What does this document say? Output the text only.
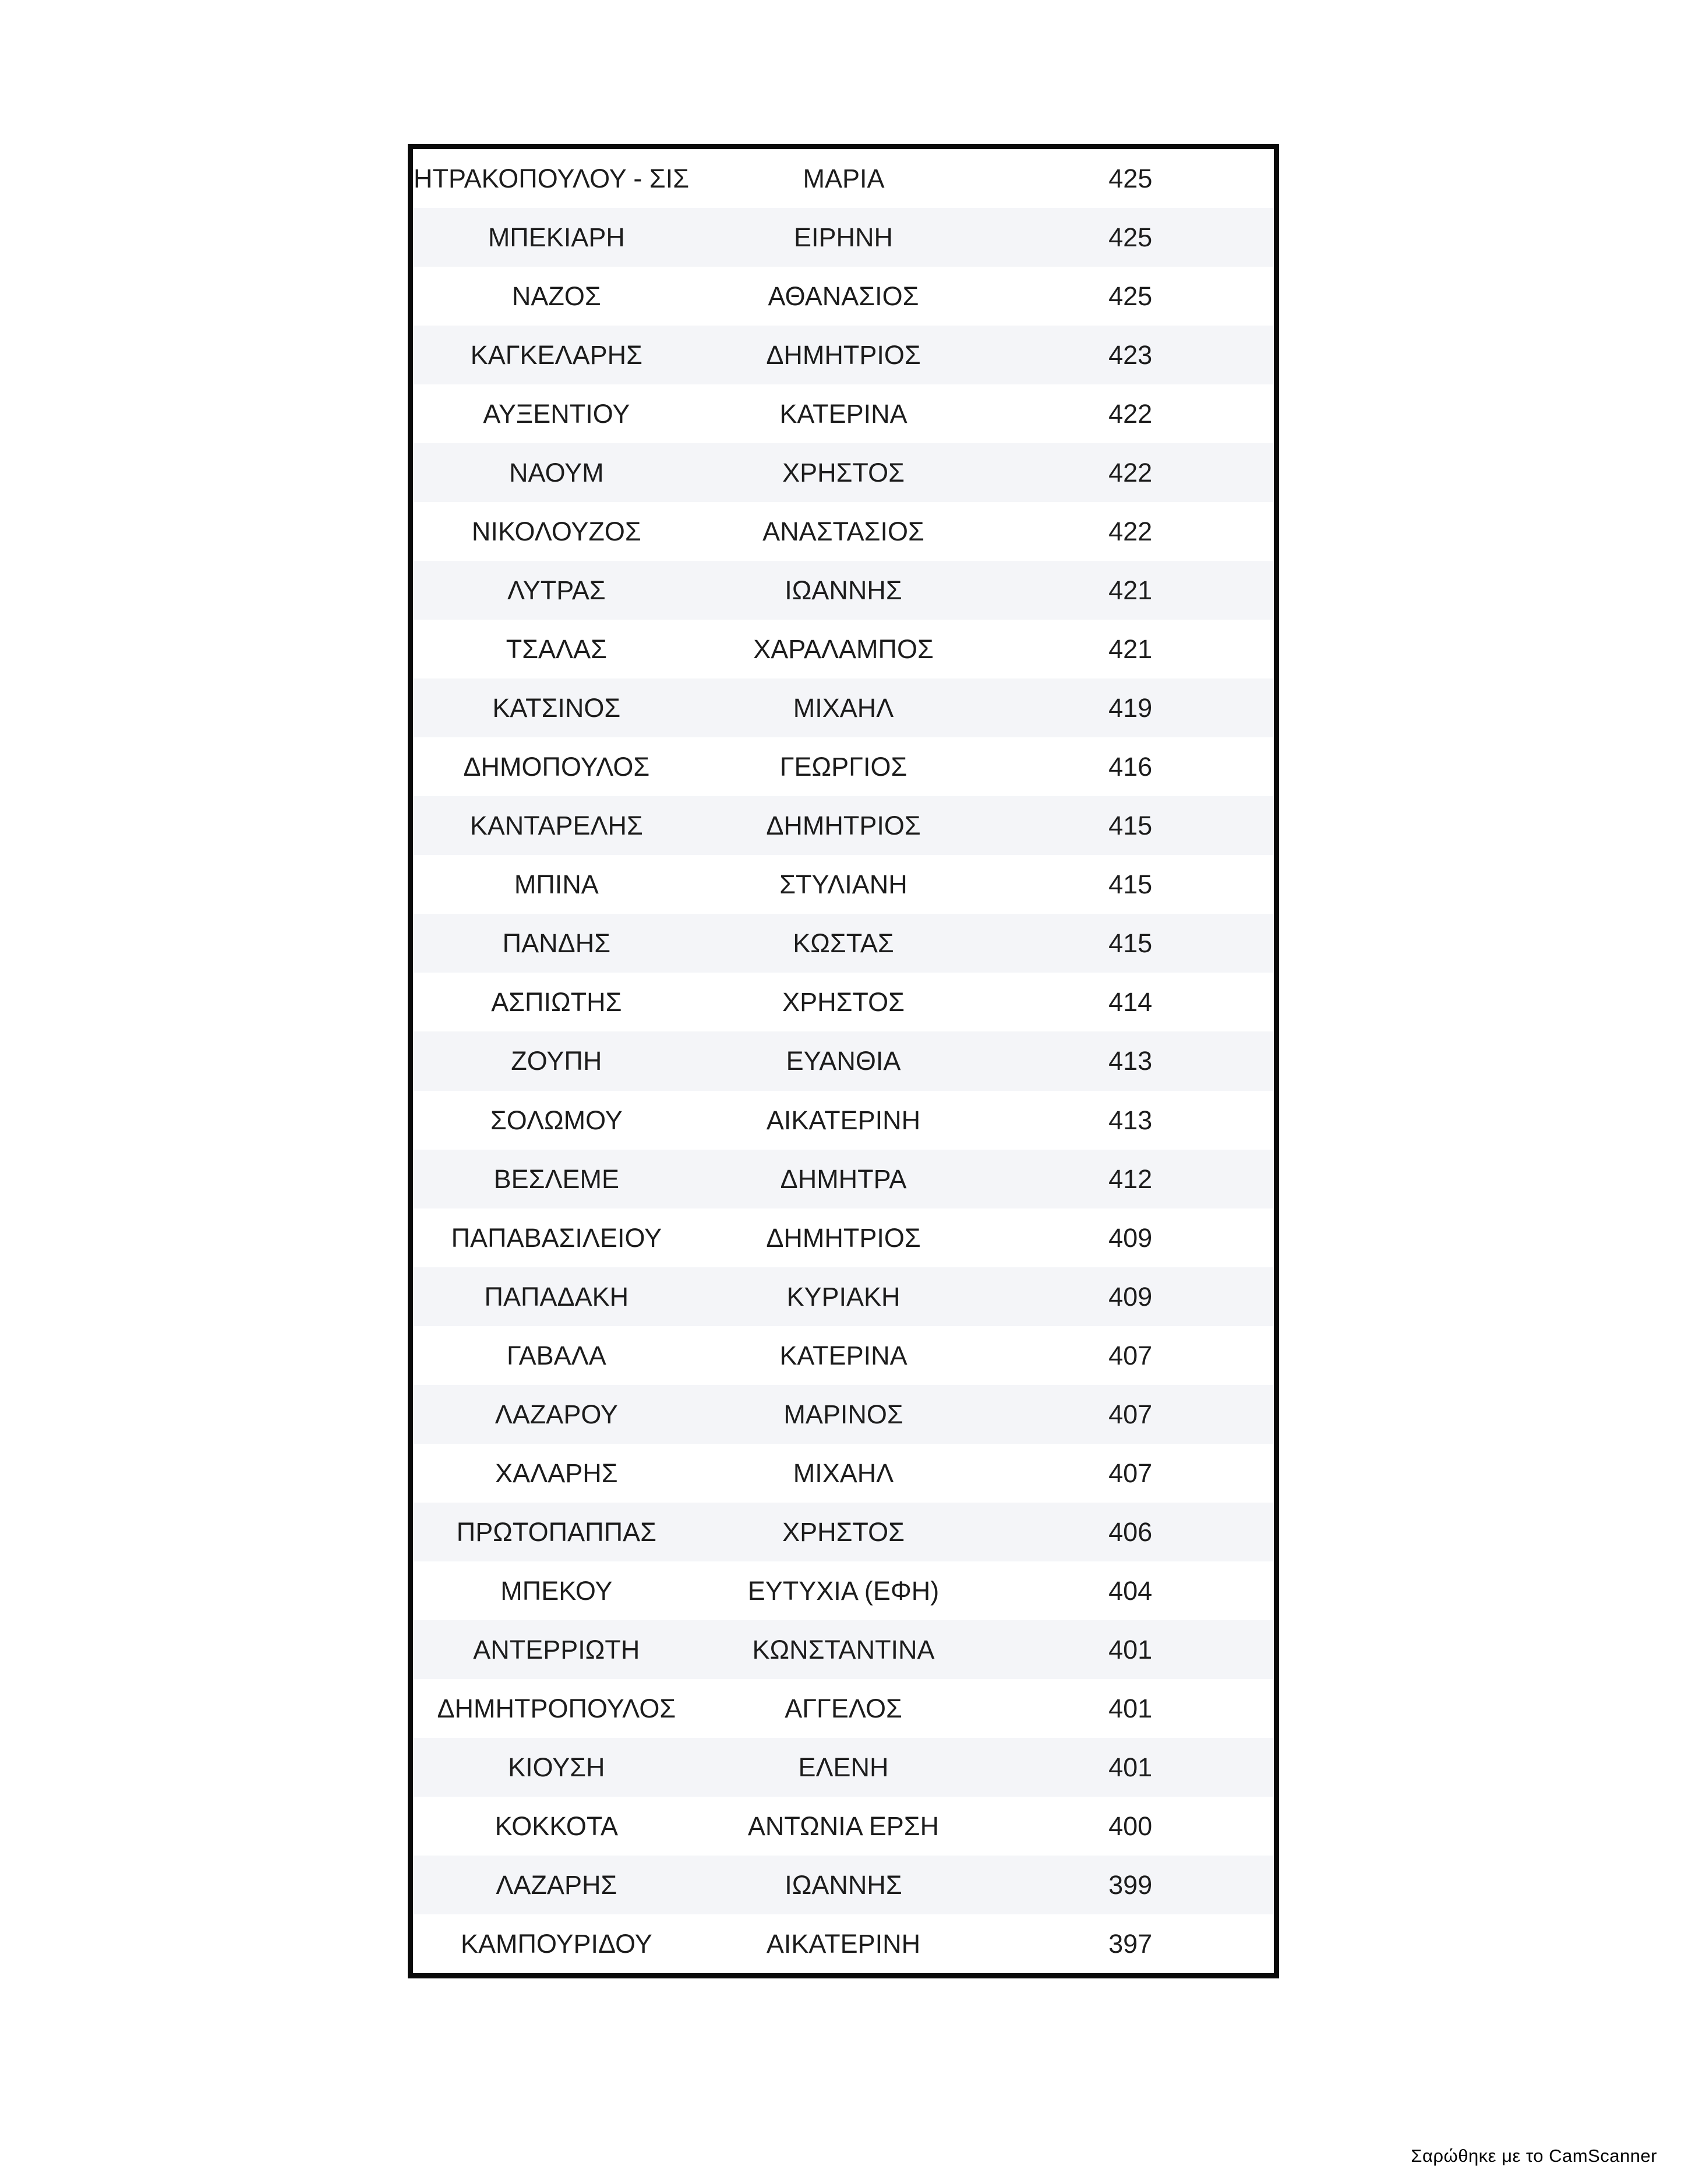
ΗΤΡΑΚΟΠΟΥΛΟΥ - ΣΙΣ	ΜΑΡΙΑ	425
ΜΠΕΚΙΑΡΗ	ΕΙΡΗΝΗ	425
ΝΑΖΟΣ	ΑΘΑΝΑΣΙΟΣ	425
ΚΑΓΚΕΛΑΡΗΣ	ΔΗΜΗΤΡΙΟΣ	423
ΑΥΞΕΝΤΙΟΥ	ΚΑΤΕΡΙΝΑ	422
ΝΑΟΥΜ	ΧΡΗΣΤΟΣ	422
ΝΙΚΟΛΟΥΖΟΣ	ΑΝΑΣΤΑΣΙΟΣ	422
ΛΥΤΡΑΣ	ΙΩΑΝΝΗΣ	421
ΤΣΑΛΑΣ	ΧΑΡΑΛΑΜΠΟΣ	421
ΚΑΤΣΙΝΟΣ	ΜΙΧΑΗΛ	419
ΔΗΜΟΠΟΥΛΟΣ	ΓΕΩΡΓΙΟΣ	416
ΚΑΝΤΑΡΕΛΗΣ	ΔΗΜΗΤΡΙΟΣ	415
ΜΠΙΝΑ	ΣΤΥΛΙΑΝΗ	415
ΠΑΝΔΗΣ	ΚΩΣΤΑΣ	415
ΑΣΠΙΩΤΗΣ	ΧΡΗΣΤΟΣ	414
ΖΟΥΠΗ	ΕΥΑΝΘΙΑ	413
ΣΟΛΩΜΟΥ	ΑΙΚΑΤΕΡΙΝΗ	413
ΒΕΣΛΕΜΕ	ΔΗΜΗΤΡΑ	412
ΠΑΠΑΒΑΣΙΛΕΙΟΥ	ΔΗΜΗΤΡΙΟΣ	409
ΠΑΠΑΔΑΚΗ	ΚΥΡΙΑΚΗ	409
ΓΑΒΑΛΑ	ΚΑΤΕΡΙΝΑ	407
ΛΑΖΑΡΟΥ	ΜΑΡΙΝΟΣ	407
ΧΑΛΑΡΗΣ	ΜΙΧΑΗΛ	407
ΠΡΩΤΟΠΑΠΠΑΣ	ΧΡΗΣΤΟΣ	406
ΜΠΕΚΟΥ	ΕΥΤΥΧΙΑ (ΕΦΗ)	404
ΑΝΤΕΡΡΙΩΤΗ	ΚΩΝΣΤΑΝΤΙΝΑ	401
ΔΗΜΗΤΡΟΠΟΥΛΟΣ	ΑΓΓΕΛΟΣ	401
ΚΙΟΥΣΗ	ΕΛΕΝΗ	401
ΚΟΚΚΟΤΑ	ΑΝΤΩΝΙΑ ΕΡΣΗ	400
ΛΑΖΑΡΗΣ	ΙΩΑΝΝΗΣ	399
ΚΑΜΠΟΥΡΙΔΟΥ	ΑΙΚΑΤΕΡΙΝΗ	397
Σαρώθηκε με το CamScanner
